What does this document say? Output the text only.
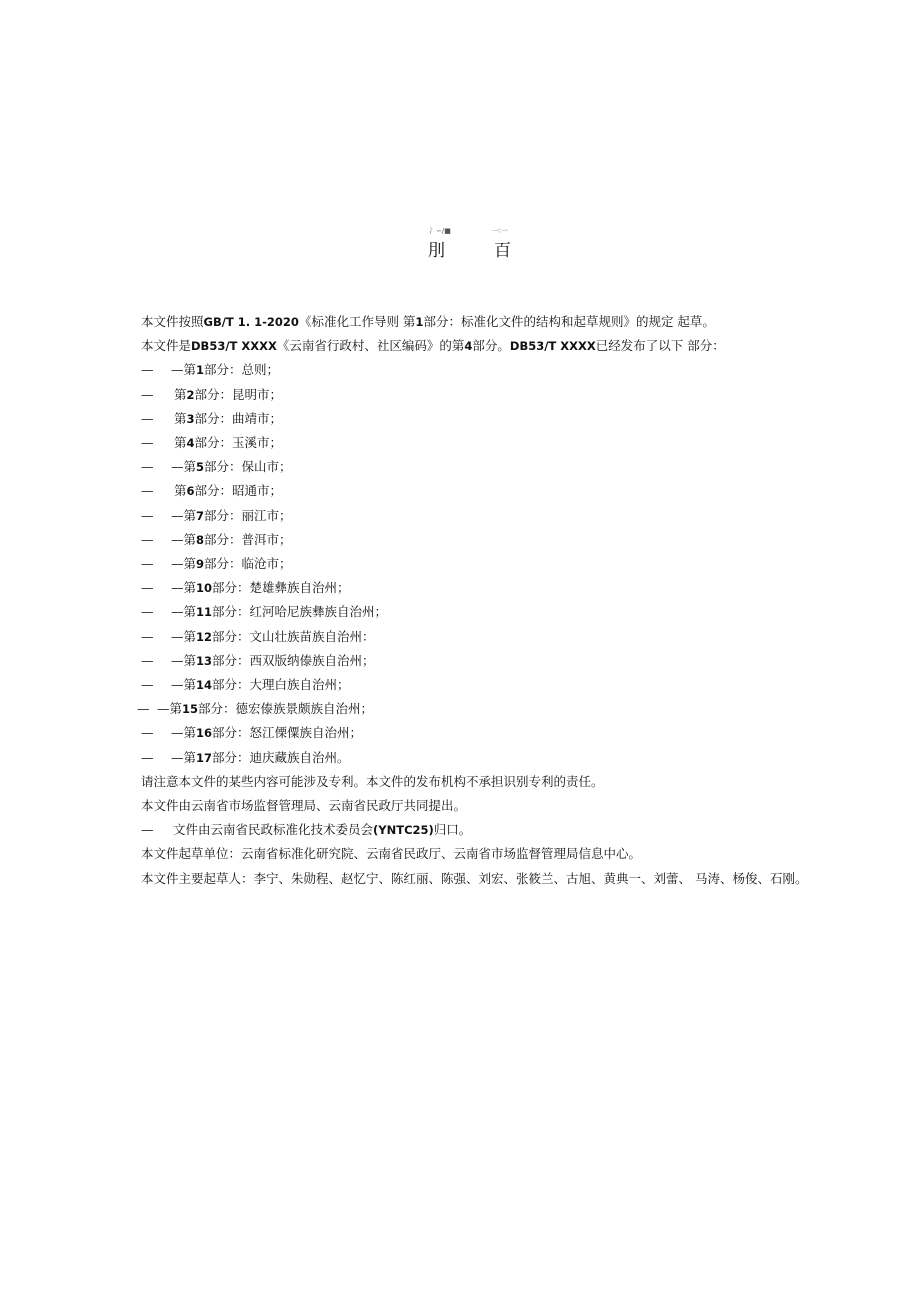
冫∽/■	一∶一
刖	百

本文件按照GB/T 1. 1-2020《标准化工作导则 第1部分：标准化文件的结构和起草规则》的规定 起草。

本文件是DB53/T XXXX《云南省行政村、社区编码》的第4部分。DB53/T XXXX已经发布了以下 部分：

— —第1部分：总则；

— 第2部分：昆明市；

— 第3部分：曲靖市；

— 第4部分：玉溪市；

— —第5部分：保山市；

— 第6部分：昭通市；

— —第7部分：丽江市；

— —第8部分：普洱市；

— —第9部分：临沧市；

— —第10部分：楚雄彝族自治州；

— —第11部分：红河哈尼族彝族自治州；

— —第12部分：文山壮族苗族自治州：

— —第13部分：西双版纳傣族自治州；

— —第14部分：大理白族自治州；

— —第15部分：德宏傣族景颇族自治州；

— —第16部分：怒江傈僳族自治州；

— —第17部分：迪庆藏族自治州。

请注意本文件的某些内容可能涉及专利。本文件的发布机构不承担识别专利的责任。

本文件由云南省市场监督管理局、云南省民政厅共同提出。

— 文件由云南省民政标准化技术委员会(YNTC25)归口。

本文件起草单位：云南省标准化研究院、云南省民政厅、云南省市场监督管理局信息中心。

本文件主要起草人：李宁、朱勋程、赵忆宁、陈红丽、陈强、刘宏、张筱兰、古旭、黄典一、刘蕾、 马涛、杨俊、石刚。
